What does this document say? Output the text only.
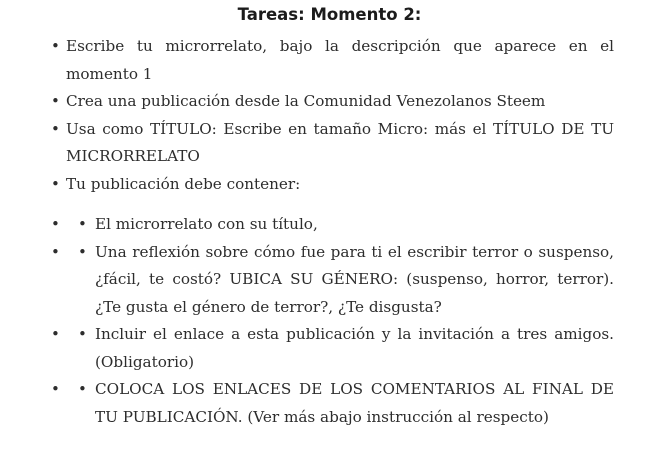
Tareas: Momento 2:
• Escribe tu microrrelato, bajo la descripción que aparece en el momento 1
• Crea una publicación desde la Comunidad Venezolanos Steem
• Usa como TÍTULO: Escribe en tamaño Micro: más el TÍTULO DE TU MICRORRELATO
• Tu publicación debe contener:
• • El microrrelato con su título,
• • Una reflexión sobre cómo fue para ti el escribir terror o suspenso, ¿fácil, te costó? UBICA SU GÉNERO: (suspenso, horror, terror). ¿Te gusta el género de terror?, ¿Te disgusta?
• • Incluir el enlace a esta publicación y la invitación a tres amigos. (Obligatorio)
• • COLOCA LOS ENLACES DE LOS COMENTARIOS AL FINAL DE TU PUBLICACIÓN. (Ver más abajo instrucción al respecto)
